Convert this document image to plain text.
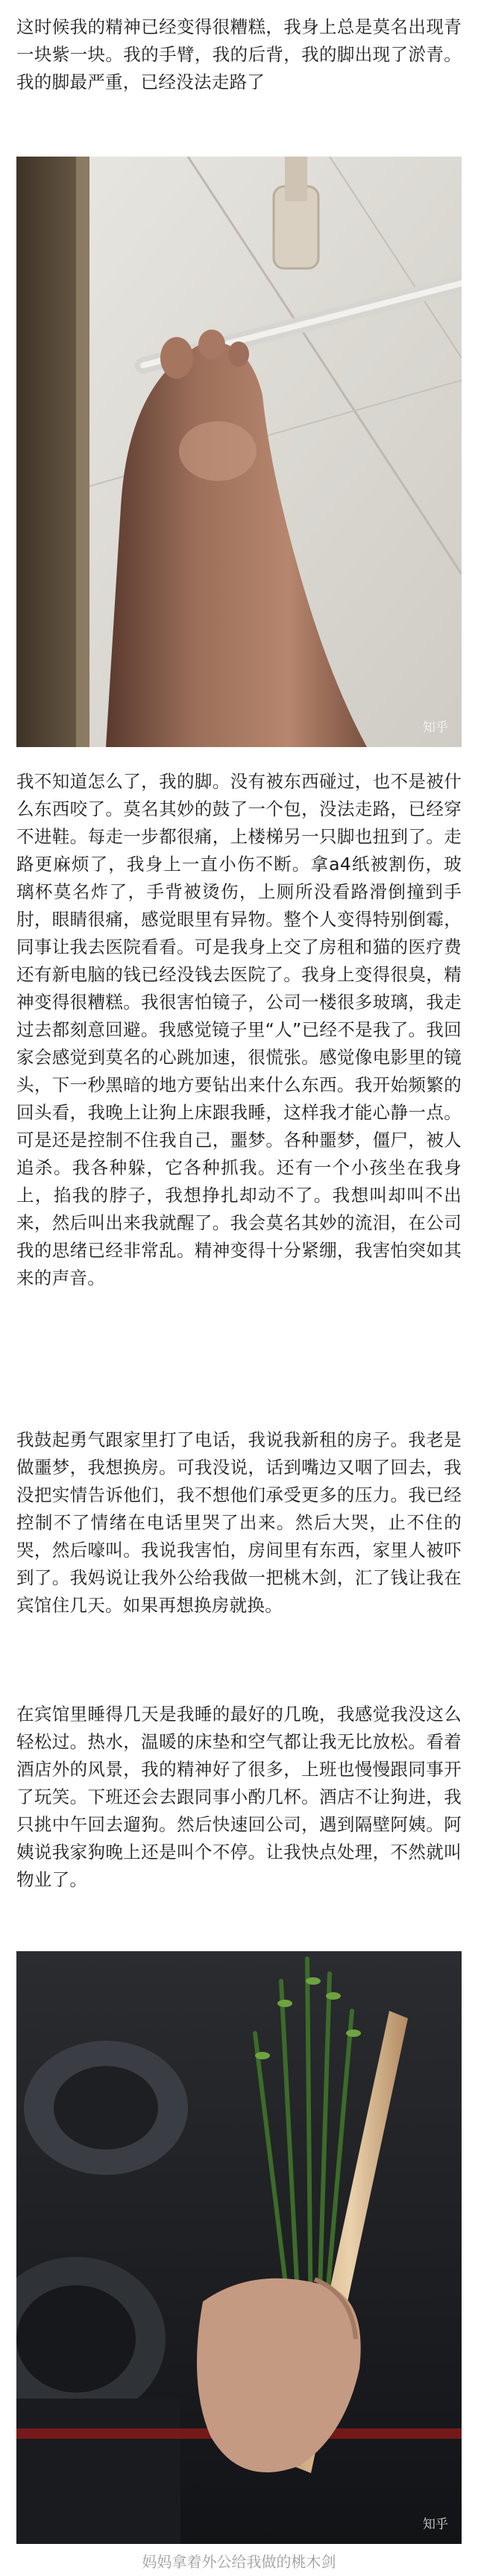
这时候我的精神已经变得很糟糕，我身上总是莫名出现青一块紫一块。我的手臂，我的后背，我的脚出现了淤青。我的脚最严重，已经没法走路了

知乎

我不知道怎么了，我的脚。没有被东西碰过，也不是被什么东西咬了。莫名其妙的鼓了一个包，没法走路，已经穿不进鞋。每走一步都很痛，上楼梯另一只脚也扭到了。走路更麻烦了，我身上一直小伤不断。拿a4纸被割伤，玻璃杯莫名炸了，手背被烫伤，上厕所没看路滑倒撞到手肘，眼睛很痛，感觉眼里有异物。整个人变得特别倒霉，同事让我去医院看看。可是我身上交了房租和猫的医疗费还有新电脑的钱已经没钱去医院了。我身上变得很臭，精神变得很糟糕。我很害怕镜子，公司一楼很多玻璃，我走过去都刻意回避。我感觉镜子里“人”已经不是我了。我回家会感觉到莫名的心跳加速，很慌张。感觉像电影里的镜头，下一秒黑暗的地方要钻出来什么东西。我开始频繁的回头看，我晚上让狗上床跟我睡，这样我才能心静一点。可是还是控制不住我自己，噩梦。各种噩梦，僵尸，被人追杀。我各种躲，它各种抓我。还有一个小孩坐在我身上，掐我的脖子，我想挣扎却动不了。我想叫却叫不出来，然后叫出来我就醒了。我会莫名其妙的流泪，在公司我的思绪已经非常乱。精神变得十分紧绷，我害怕突如其来的声音。

我鼓起勇气跟家里打了电话，我说我新租的房子。我老是做噩梦，我想换房。可我没说，话到嘴边又咽了回去，我没把实情告诉他们，我不想他们承受更多的压力。我已经控制不了情绪在电话里哭了出来。然后大哭，止不住的哭，然后嚎叫。我说我害怕，房间里有东西，家里人被吓到了。我妈说让我外公给我做一把桃木剑，汇了钱让我在宾馆住几天。如果再想换房就换。

在宾馆里睡得几天是我睡的最好的几晚，我感觉我没这么轻松过。热水，温暖的床垫和空气都让我无比放松。看着酒店外的风景，我的精神好了很多，上班也慢慢跟同事开了玩笑。下班还会去跟同事小酌几杯。酒店不让狗进，我只挑中午回去遛狗。然后快速回公司，遇到隔壁阿姨。阿姨说我家狗晚上还是叫个不停。让我快点处理，不然就叫物业了。

知乎
妈妈拿着外公给我做的桃木剑
